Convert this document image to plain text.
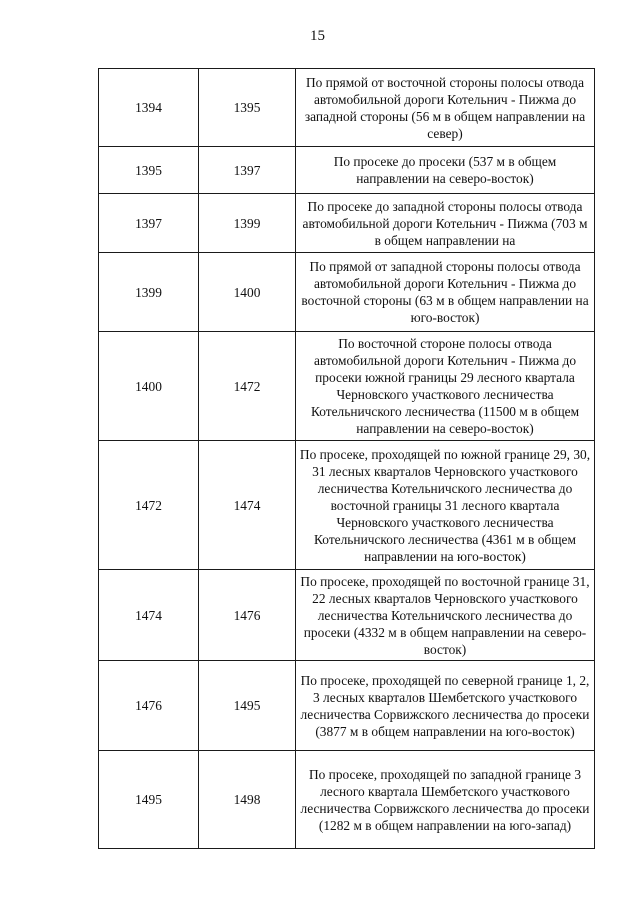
15
1394	1395	По прямой от восточной стороны полосы отвода автомобильной дороги Котельнич - Пижма до западной стороны (56 м в общем направлении на север)
1395	1397	По просеке до просеки (537 м в общем направлении на северо-восток)
1397	1399	По просеке до западной стороны полосы отвода автомобильной дороги Котельнич - Пижма (703 м в общем направлении на
1399	1400	По прямой от западной стороны полосы отвода автомобильной дороги Котельнич - Пижма до восточной стороны (63 м в общем направлении на юго-восток)
1400	1472	По восточной стороне полосы отвода автомобильной дороги Котельнич - Пижма до просеки южной границы 29 лесного квартала Черновского участкового лесничества Котельничского лесничества (11500 м в общем направлении на северо-восток)
1472	1474	По просеке, проходящей по южной границе 29, 30, 31 лесных кварталов Черновского участкового лесничества Котельничского лесничества до восточной границы 31 лесного квартала Черновского участкового лесничества Котельничского лесничества (4361 м в общем направлении на юго-восток)
1474	1476	По просеке, проходящей по восточной границе 31, 22 лесных кварталов Черновского участкового лесничества Котельничского лесничества до просеки (4332 м в общем направлении на северо-восток)
1476	1495	По просеке, проходящей по северной границе 1, 2, 3 лесных кварталов Шембетского участкового лесничества Сорвижского лесничества до просеки (3877 м в общем направлении на юго-восток)
1495	1498	По просеке, проходящей по западной границе 3 лесного квартала Шембетского участкового лесничества Сорвижского лесничества до просеки (1282 м в общем направлении на юго-запад)
